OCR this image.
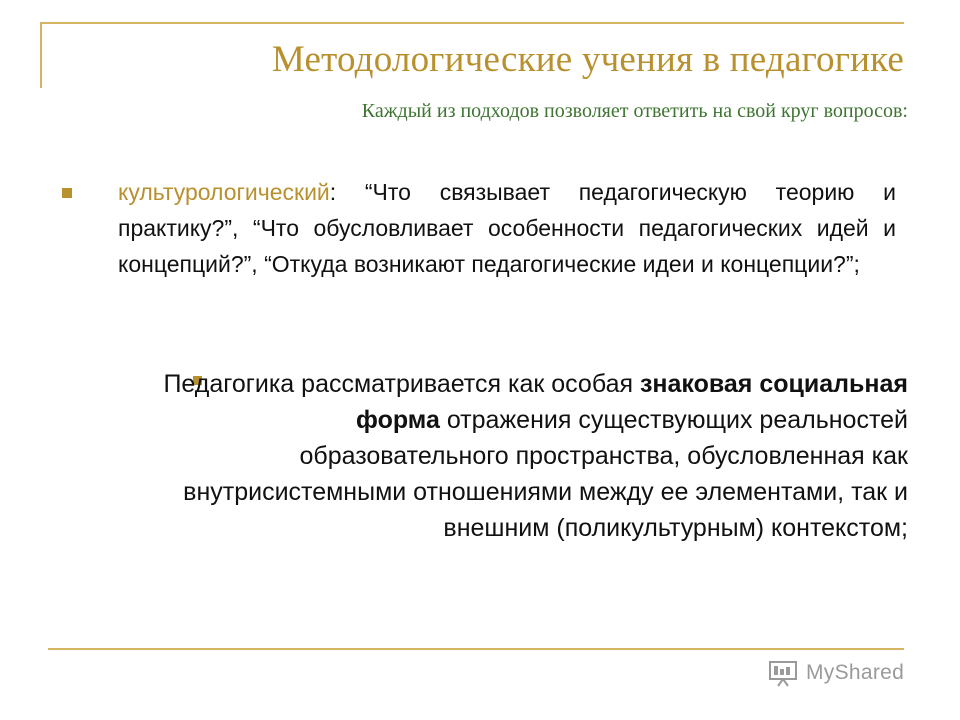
Методологические учения в педагогике
Каждый из подходов позволяет ответить на свой круг вопросов:
культурологический: “Что связывает педагогическую теорию и практику?”, “Что обусловливает особенности педагогических идей и концепций?”, “Откуда возникают педагогические идеи и концепции?”;
Педагогика рассматривается как особая знаковая социальная форма отражения существующих реальностей образовательного пространства, обусловленная как внутрисистемными отношениями между ее элементами, так и внешним (поликультурным) контекстом;
MyShared
